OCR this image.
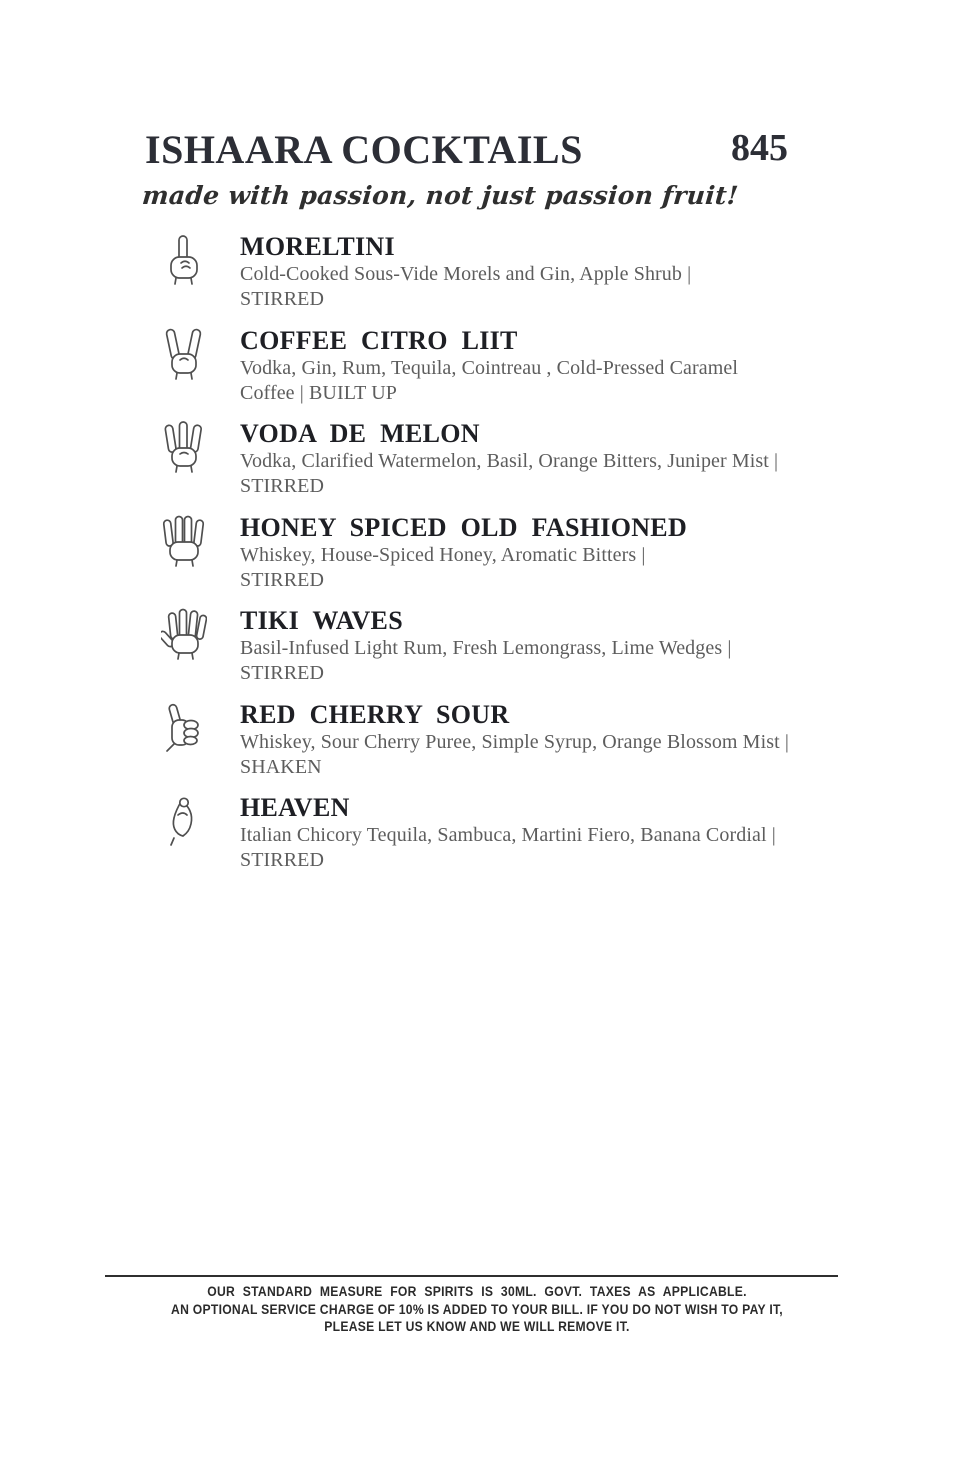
ISHAARA COCKTAILS	845
made with passion, not just passion fruit!
MORELTINI
Cold-Cooked Sous-Vide Morels and Gin, Apple Shrub |
STIRRED
COFFEE CITRO LIIT
Vodka, Gin, Rum, Tequila, Cointreau , Cold-Pressed Caramel
Coffee | BUILT UP
VODA DE MELON
Vodka, Clarified Watermelon, Basil, Orange Bitters, Juniper Mist |
STIRRED
HONEY SPICED OLD FASHIONED
Whiskey, House-Spiced Honey, Aromatic Bitters |
STIRRED
TIKI WAVES
Basil-Infused Light Rum, Fresh Lemongrass, Lime Wedges |
STIRRED
RED CHERRY SOUR
Whiskey, Sour Cherry Puree, Simple Syrup, Orange Blossom Mist |
SHAKEN
HEAVEN
Italian Chicory Tequila, Sambuca, Martini Fiero, Banana Cordial |
STIRRED
OUR STANDARD MEASURE FOR SPIRITS IS 30ML. GOVT. TAXES AS APPLICABLE.
AN OPTIONAL SERVICE CHARGE OF 10% IS ADDED TO YOUR BILL. IF YOU DO NOT WISH TO PAY IT,
PLEASE LET US KNOW AND WE WILL REMOVE IT.
